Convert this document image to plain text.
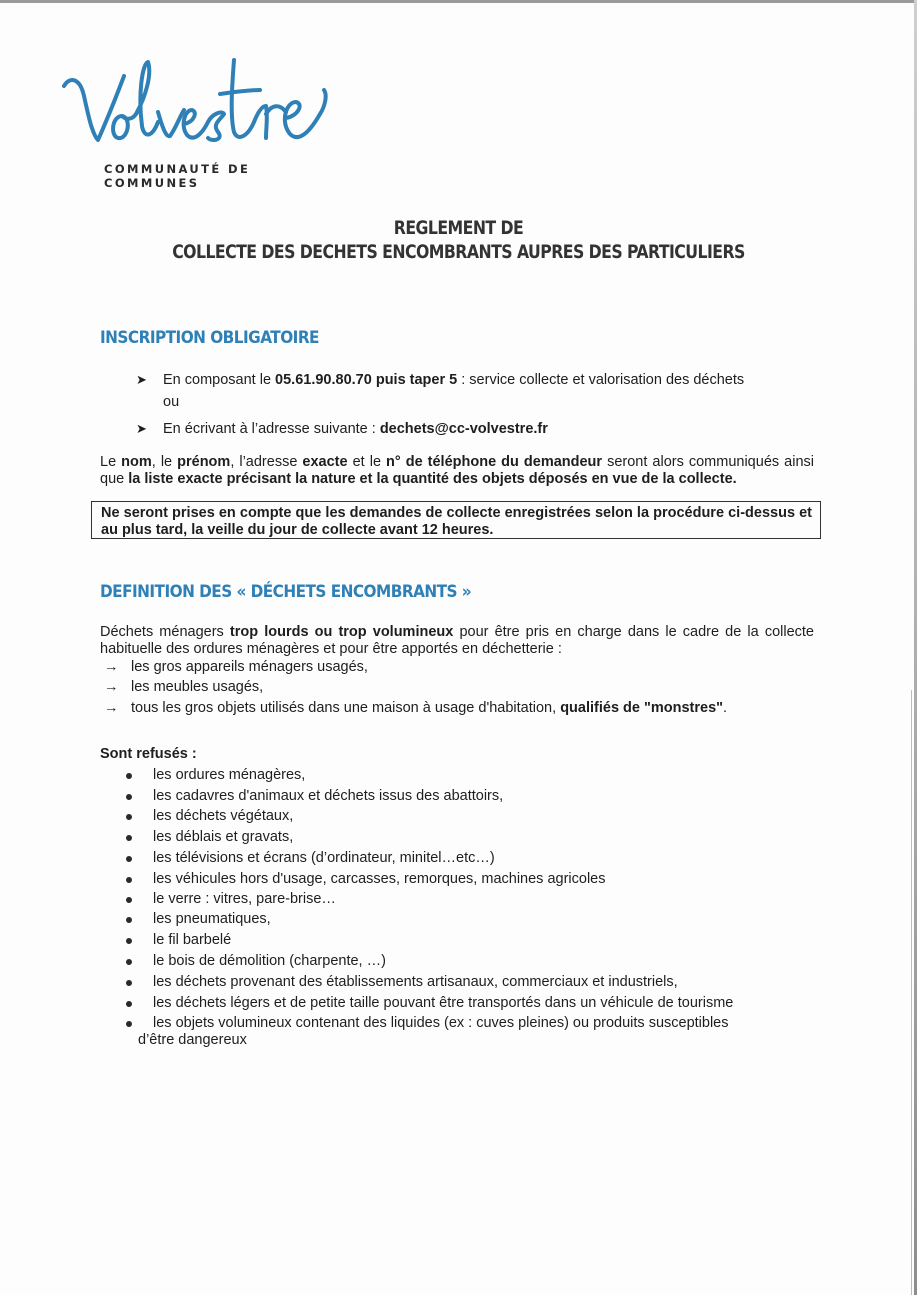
COMMUNAUTÉ DE COMMUNES

REGLEMENT DE
COLLECTE DES DECHETS ENCOMBRANTS AUPRES DES PARTICULIERS
INSCRIPTION OBLIGATOIRE
➤ En composant le 05.61.90.80.70 puis taper 5 : service collecte et valorisation des déchets
ou
➤ En écrivant à l’adresse suivante : dechets@cc-volvestre.fr

Le nom, le prénom, l’adresse exacte et le n° de téléphone du demandeur seront alors communiqués ainsi que la liste exacte précisant la nature et la quantité des objets déposés en vue de la collecte.

Ne seront prises en compte que les demandes de collecte enregistrées selon la procédure ci-dessus et au plus tard, la veille du jour de collecte avant 12 heures.
DEFINITION DES « DÉCHETS ENCOMBRANTS »

Déchets ménagers trop lourds ou trop volumineux pour être pris en charge dans le cadre de la collecte habituelle des ordures ménagères et pour être apportés en déchetterie :

→ les gros appareils ménagers usagés,
→ les meubles usagés,
→ tous les gros objets utilisés dans une maison à usage d'habitation, qualifiés de "monstres".

Sont refusés :

les ordures ménagères,
les cadavres d'animaux et déchets issus des abattoirs,
les déchets végétaux,
les déblais et gravats,
les télévisions et écrans (d’ordinateur, minitel…etc…)
les véhicules hors d'usage, carcasses, remorques, machines agricoles
le verre : vitres, pare-brise…
les pneumatiques,
le fil barbelé
le bois de démolition (charpente, …)
les déchets provenant des établissements artisanaux, commerciaux et industriels,
les déchets légers et de petite taille pouvant être transportés dans un véhicule de tourisme
les objets volumineux contenant des liquides (ex : cuves pleines) ou produits susceptibles
d’être dangereux
